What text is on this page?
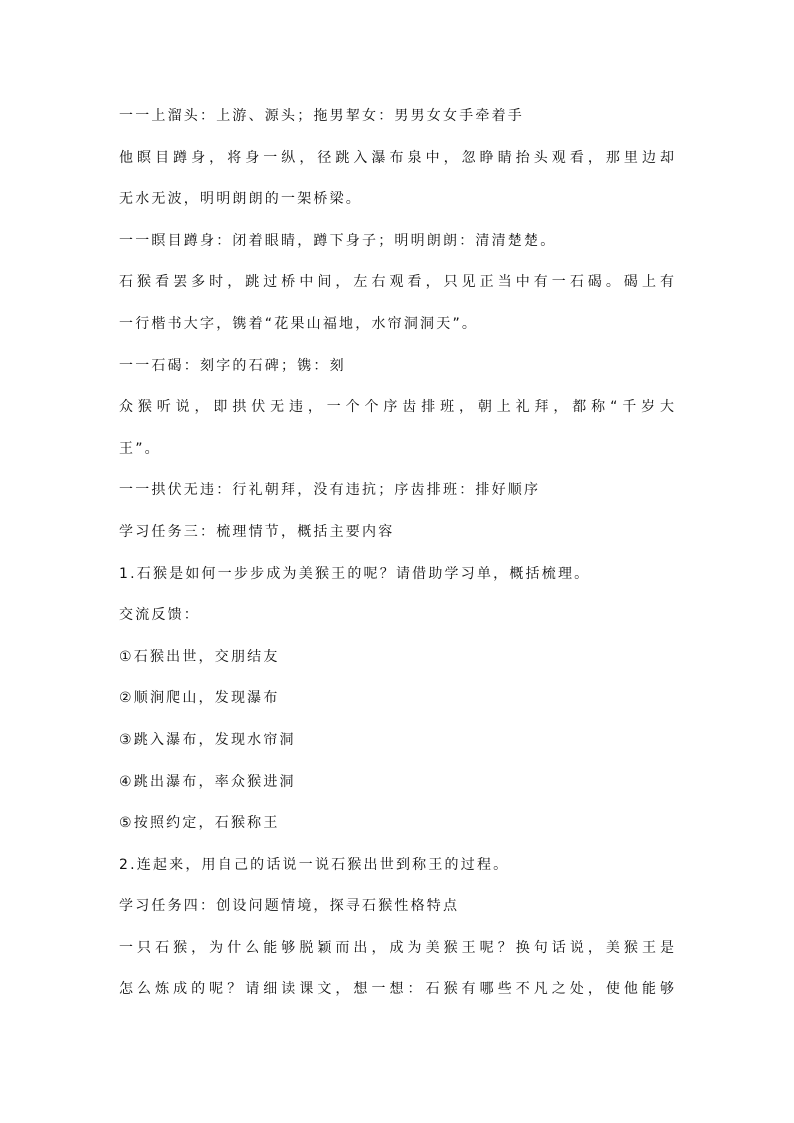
一一上溜头：上游、源头；拖男挈女：男男女女手牵着手
他瞑目蹲身，将身一纵，径跳入瀑布泉中，忽睁睛抬头观看，那里边却
无水无波，明明朗朗的一架桥梁。
一一瞑目蹲身：闭着眼睛，蹲下身子；明明朗朗：清清楚楚。
石猴看罢多时，跳过桥中间，左右观看，只见正当中有一石碣。碣上有
一行楷书大字，镌着“花果山福地，水帘洞洞天”。
一一石碣：刻字的石碑；镌：刻
众猴听说，即拱伏无违，一个个序齿排班，朝上礼拜，都称“千岁大
王”。
一一拱伏无违：行礼朝拜，没有违抗；序齿排班：排好顺序
学习任务三：梳理情节，概括主要内容
1.石猴是如何一步步成为美猴王的呢？请借助学习单，概括梳理。
交流反馈：
①石猴出世，交朋结友
②顺涧爬山，发现瀑布
③跳入瀑布，发现水帘洞
④跳出瀑布，率众猴进洞
⑤按照约定，石猴称王
2.连起来，用自己的话说一说石猴出世到称王的过程。
学习任务四：创设问题情境，探寻石猴性格特点
一只石猴，为什么能够脱颖而出，成为美猴王呢？换句话说，美猴王是
怎么炼成的呢？请细读课文，想一想：石猴有哪些不凡之处，使他能够
